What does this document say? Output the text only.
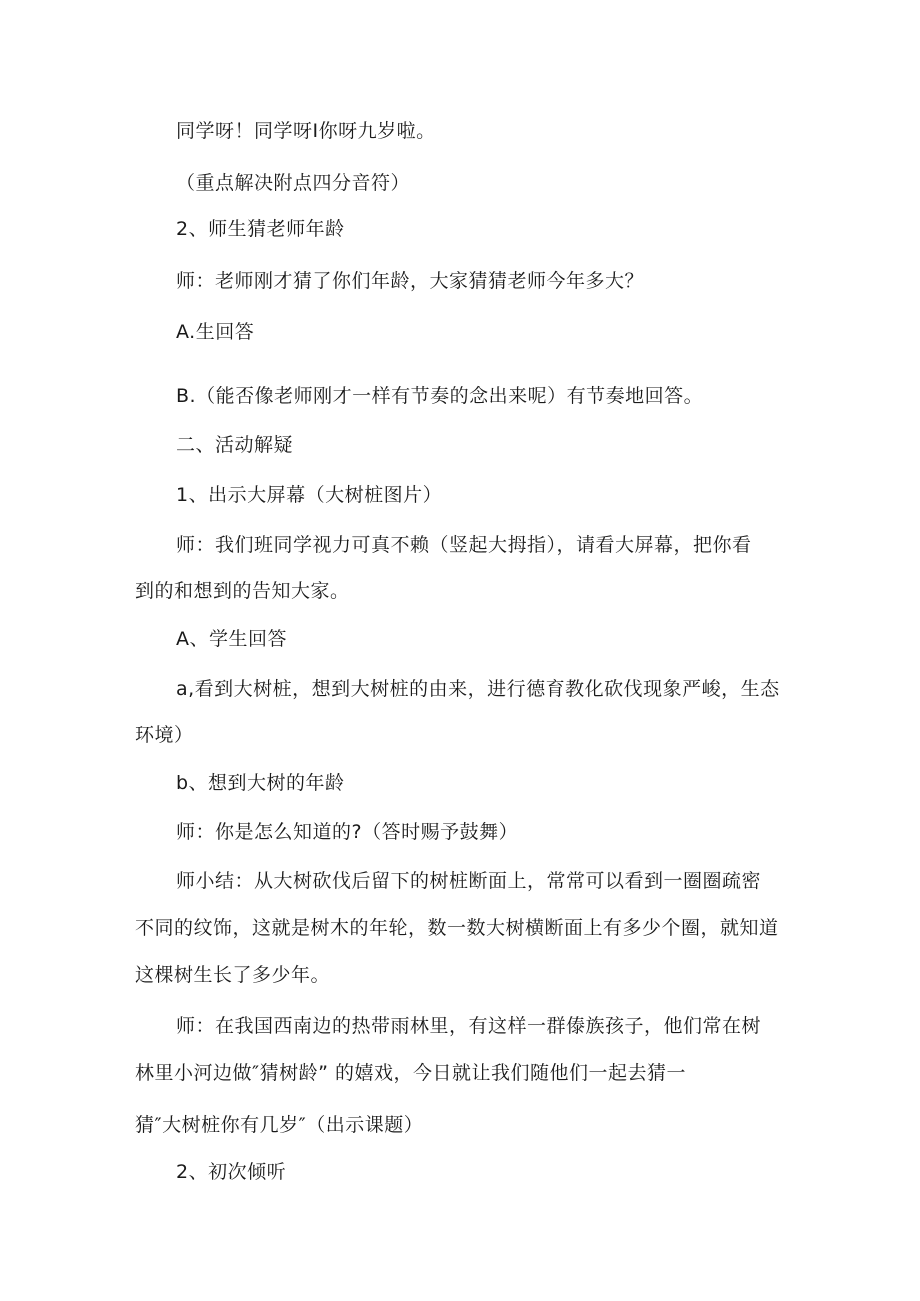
同学呀！同学呀I你呀九岁啦。
（重点解决附点四分音符）
2、师生猜老师年龄
师：老师刚才猜了你们年龄，大家猜猜老师今年多大？
A.生回答
B.（能否像老师刚才一样有节奏的念出来呢）有节奏地回答。
二、活动解疑
1、出示大屏幕（大树桩图片）
师：我们班同学视力可真不赖（竖起大拇指），请看大屏幕，把你看
到的和想到的告知大家。
A、学生回答
a,看到大树桩，想到大树桩的由来，进行德育教化砍伐现象严峻，生态
环境）
b、想到大树的年龄
师：你是怎么知道的?（答时赐予鼓舞）
师小结：从大树砍伐后留下的树桩断面上，常常可以看到一圈圈疏密
不同的纹饰，这就是树木的年轮，数一数大树横断面上有多少个圈，就知道
这棵树生长了多少年。
师：在我国西南边的热带雨林里，有这样一群傣族孩子，他们常在树
林里小河边做″猜树龄” 的嬉戏，今日就让我们随他们一起去猜一
猜″大树桩你有几岁″（出示课题）
2、初次倾听
